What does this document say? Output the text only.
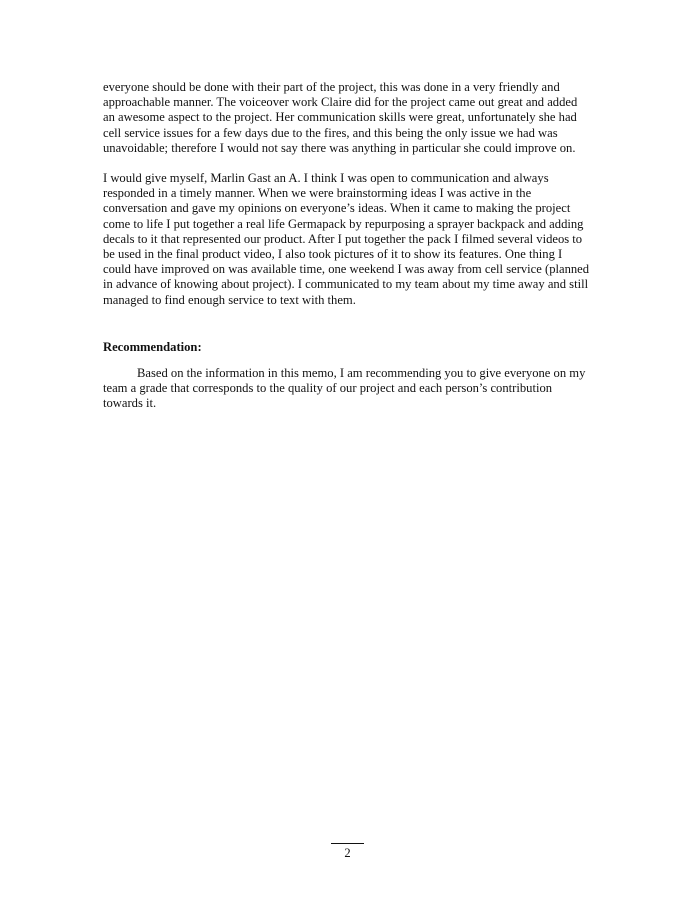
everyone should be done with their part of the project, this was done in a very friendly and approachable manner. The voiceover work Claire did for the project came out great and added an awesome aspect to the project. Her communication skills were great, unfortunately she had cell service issues for a few days due to the fires, and this being the only issue we had was unavoidable; therefore I would not say there was anything in particular she could improve on.

I would give myself, Marlin Gast an A. I think I was open to communication and always responded in a timely manner. When we were brainstorming ideas I was active in the conversation and gave my opinions on everyone’s ideas. When it came to making the project come to life I put together a real life Germapack by repurposing a sprayer backpack and adding decals to it that represented our product. After I put together the pack I filmed several videos to be used in the final product video, I also took pictures of it to show its features. One thing I could have improved on was available time, one weekend I was away from cell service (planned in advance of knowing about project). I communicated to my team about my time away and still managed to find enough service to text with them.

Recommendation:

Based on the information in this memo, I am recommending you to give everyone on my team a grade that corresponds to the quality of our project and each person’s contribution towards it.

2
